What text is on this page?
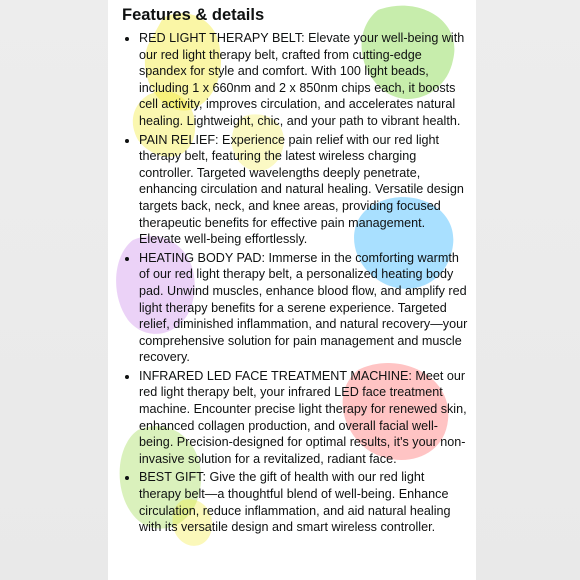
Features & details
• RED LIGHT THERAPY BELT: Elevate your well-being with our red light therapy belt, crafted from cutting-edge spandex for style and comfort. With 100 light beads, including 1 x 660nm and 2 x 850nm chips each, it boosts cell activity, improves circulation, and accelerates natural healing. Lightweight, chic, and your path to vibrant health.
• PAIN RELIEF: Experience pain relief with our red light therapy belt, featuring the latest wireless charging controller. Targeted wavelengths deeply penetrate, enhancing circulation and natural healing. Versatile design targets back, neck, and knee areas, providing focused therapeutic benefits for effective pain management. Elevate well-being effortlessly.
• HEATING BODY PAD: Immerse in the comforting warmth of our red light therapy belt, a personalized heating body pad. Unwind muscles, enhance blood flow, and amplify red light therapy benefits for a serene experience. Targeted relief, diminished inflammation, and natural recovery—your comprehensive solution for pain management and muscle recovery.
• INFRARED LED FACE TREATMENT MACHINE: Meet our red light therapy belt, your infrared LED face treatment machine. Encounter precise light therapy for renewed skin, enhanced collagen production, and overall facial well-being. Precision-designed for optimal results, it's your non-invasive solution for a revitalized, radiant face.
• BEST GIFT: Give the gift of health with our red light therapy belt—a thoughtful blend of well-being. Enhance circulation, reduce inflammation, and aid natural healing with its versatile design and smart wireless controller.
